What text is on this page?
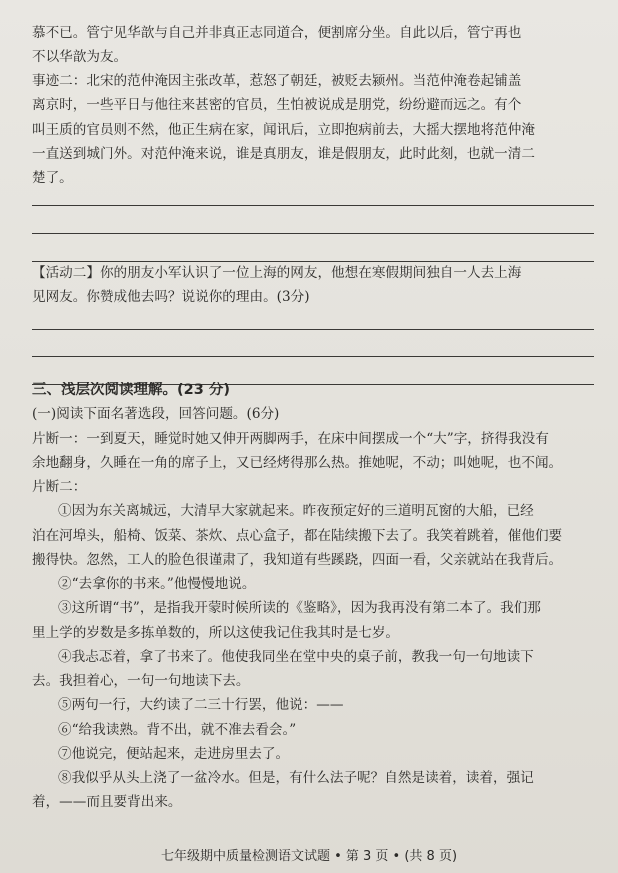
慕不已。管宁见华歆与自己并非真正志同道合，便割席分坐。自此以后，管宁再也
不以华歆为友。
事迹二：北宋的范仲淹因主张改革，惹怒了朝廷，被贬去颍州。当范仲淹卷起铺盖
离京时，一些平日与他往来甚密的官员，生怕被说成是朋党，纷纷避而远之。有个
叫王质的官员则不然，他正生病在家，闻讯后，立即抱病前去，大摇大摆地将范仲淹
一直送到城门外。对范仲淹来说，谁是真朋友，谁是假朋友，此时此刻，也就一清二
楚了。
【活动二】你的朋友小军认识了一位上海的网友，他想在寒假期间独自一人去上海
见网友。你赞成他去吗？说说你的理由。(3分)
三、浅层次阅读理解。(23 分)
(一)阅读下面名著选段，回答问题。(6分)
片断一：一到夏天，睡觉时她又伸开两脚两手，在床中间摆成一个“大”字，挤得我没有
余地翻身，久睡在一角的席子上，又已经烤得那么热。推她呢，不动；叫她呢，也不闻。
片断二：
①因为东关离城远，大清早大家就起来。昨夜预定好的三道明瓦窗的大船，已经
泊在河埠头，船椅、饭菜、茶炊、点心盒子，都在陆续搬下去了。我笑着跳着，催他们要
搬得快。忽然，工人的脸色很谨肃了，我知道有些蹊跷，四面一看，父亲就站在我背后。
②“去拿你的书来。”他慢慢地说。
③这所谓“书”，是指我开蒙时候所读的《鉴略》，因为我再没有第二本了。我们那
里上学的岁数是多拣单数的，所以这使我记住我其时是七岁。
④我忐忑着，拿了书来了。他使我同坐在堂中央的桌子前，教我一句一句地读下
去。我担着心，一句一句地读下去。
⑤两句一行，大约读了二三十行罢，他说：——
⑥“给我读熟。背不出，就不准去看会。”
⑦他说完，便站起来，走进房里去了。
⑧我似乎从头上浇了一盆冷水。但是，有什么法子呢？自然是读着，读着，强记
着，——而且要背出来。
七年级期中质量检测语文试题 • 第 3 页 • (共 8 页)
